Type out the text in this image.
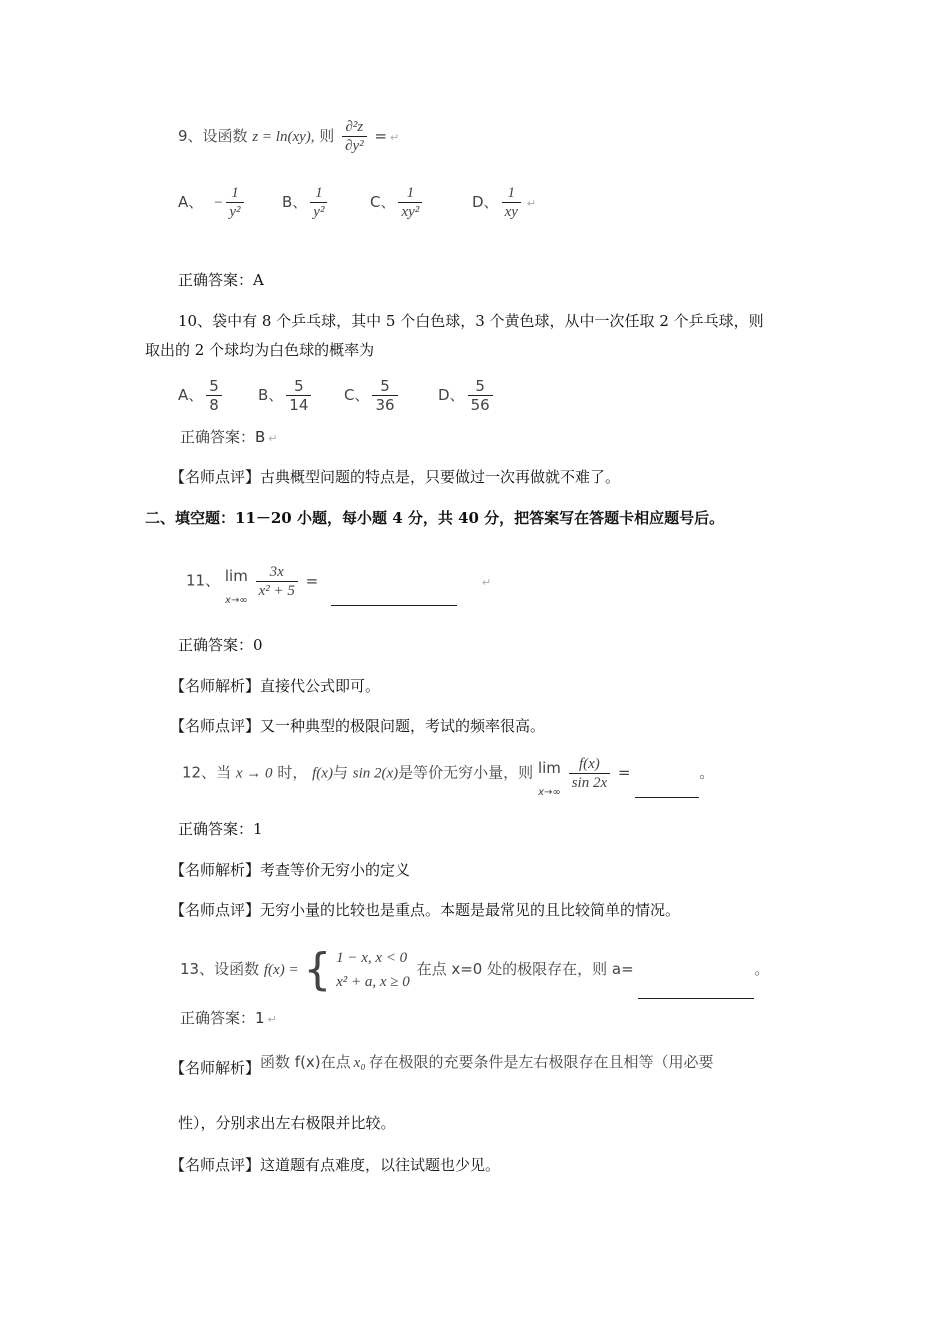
9、设函数 z = ln(xy), 则 $\frac{\text{∂²z}}{\text{∂y²}}$ = ↵
A、 − $\frac{1}{\text{y²}}$	B、 $\frac{1}{\text{y²}}$	C、 $\frac{1}{\text{xy²}}$	D、 $\frac{1}{xy}$ ↵
正确答案：A
10、袋中有 8 个乒乓球，其中 5 个白色球，3 个黄色球，从中一次任取 2 个乒乓球，则
取出的 2 个球均为白色球的概率为
A、 $\frac{5}{8}$ B、 $\frac{5}{14}$ C、 $\frac{5}{36}$	D、 $\frac{5}{56}$
正确答案：B ↵
【名师点评】古典概型问题的特点是，只要做过一次再做就不难了。
二、填空题：11－20 小题，每小题 4 分，共 40 分，把答案写在答题卡相应题号后。
11、 lim
x→∞

$\frac{3x}{\text{x² + 5}}$ =	↵
正确答案：0
【名师解析】直接代公式即可。
【名师点评】又一种典型的极限问题，考试的频率很高。
12、当 x → 0 时， f(x)与 sin 2(x)是等价无穷小量，则 lim
x→∞

$\frac{f(x)}{\sin 2x}$ =	。
正确答案：1
【名师解析】考查等价无穷小的定义
【名师点评】无穷小量的比较也是重点。本题是最常见的且比较简单的情况。
13、设函数 f(x) = { 1 − x, x < 0
x² + a, x ≥ 0
在点 x=0 处的极限存在，则 a=	。
正确答案：1 ↵
【名师解析】函数 f(x)在点 x₀ 存在极限的充要条件是左右极限存在且相等（用必要
性），分别求出左右极限并比较。
【名师点评】这道题有点难度，以往试题也少见。
